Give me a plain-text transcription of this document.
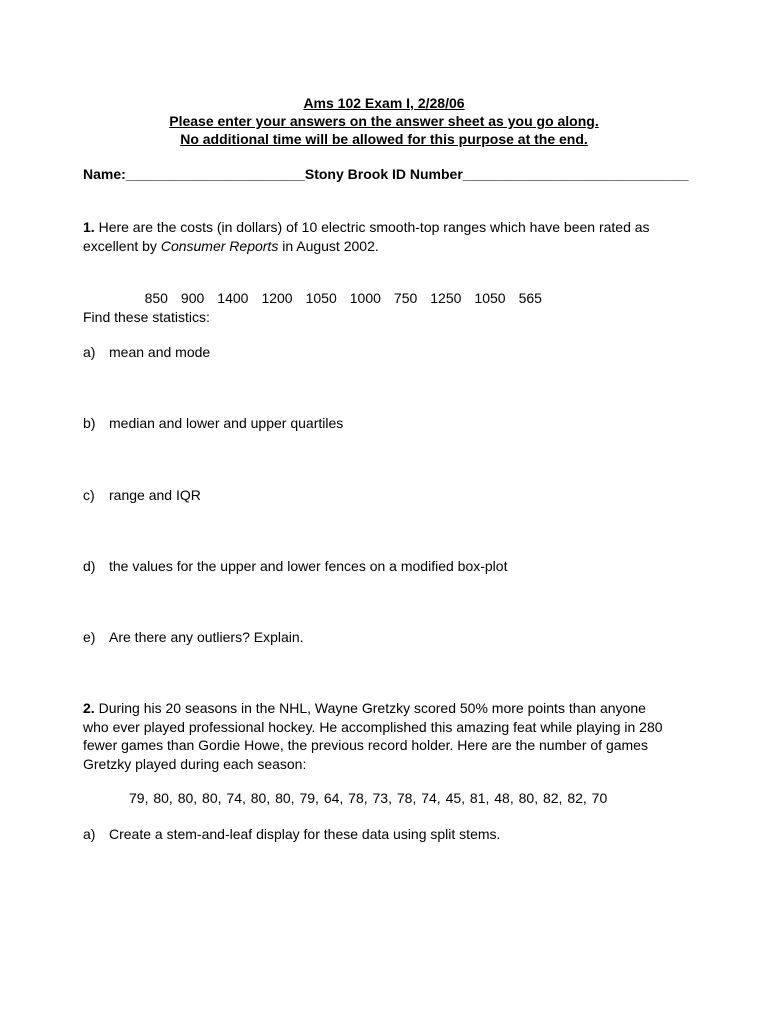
Ams 102 Exam I, 2/28/06
Please enter your answers on the answer sheet as you go along.
No additional time will be allowed for this purpose at the end.
Name:_______________________Stony Brook ID Number_____________________________
1. Here are the costs (in dollars) of 10 electric smooth-top ranges which have been rated as excellent by Consumer Reports in August 2002.

850 900 1400 1200 1050 1000 750 1250 1050 565

Find these statistics:
a) mean and mode
b) median and lower and upper quartiles
c) range and IQR
d) the values for the upper and lower fences on a modified box-plot
e) Are there any outliers? Explain.
2. During his 20 seasons in the NHL, Wayne Gretzky scored 50% more points than anyone who ever played professional hockey. He accomplished this amazing feat while playing in 280 fewer games than Gordie Howe, the previous record holder. Here are the number of games Gretzky played during each season:
79, 80, 80, 80, 74, 80, 80, 79, 64, 78, 73, 78, 74, 45, 81, 48, 80, 82, 82, 70
a) Create a stem-and-leaf display for these data using split stems.
